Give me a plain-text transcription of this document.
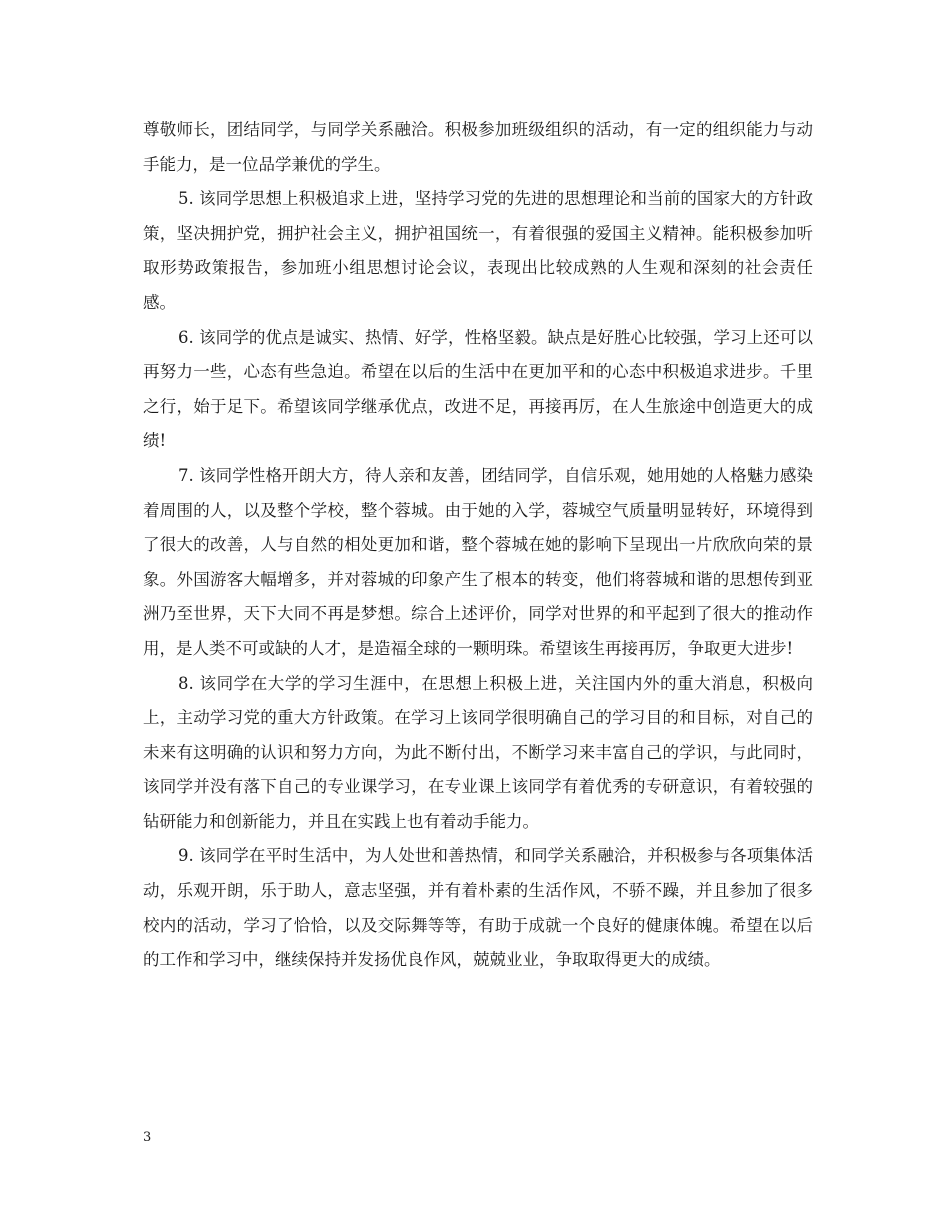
尊敬师长，团结同学，与同学关系融洽。积极参加班级组织的活动，有一定的组织能力与动手能力，是一位品学兼优的学生。

5. 该同学思想上积极追求上进，坚持学习党的先进的思想理论和当前的国家大的方针政策，坚决拥护党，拥护社会主义，拥护祖国统一，有着很强的爱国主义精神。能积极参加听取形势政策报告，参加班小组思想讨论会议，表现出比较成熟的人生观和深刻的社会责任感。

6. 该同学的优点是诚实、热情、好学，性格坚毅。缺点是好胜心比较强，学习上还可以再努力一些，心态有些急迫。希望在以后的生活中在更加平和的心态中积极追求进步。千里之行，始于足下。希望该同学继承优点，改进不足，再接再厉，在人生旅途中创造更大的成绩!

7. 该同学性格开朗大方，待人亲和友善，团结同学，自信乐观，她用她的人格魅力感染着周围的人，以及整个学校，整个蓉城。由于她的入学，蓉城空气质量明显转好，环境得到了很大的改善，人与自然的相处更加和谐，整个蓉城在她的影响下呈现出一片欣欣向荣的景象。外国游客大幅增多，并对蓉城的印象产生了根本的转变，他们将蓉城和谐的思想传到亚洲乃至世界，天下大同不再是梦想。综合上述评价，同学对世界的和平起到了很大的推动作用，是人类不可或缺的人才，是造福全球的一颗明珠。希望该生再接再厉，争取更大进步!

8. 该同学在大学的学习生涯中，在思想上积极上进，关注国内外的重大消息，积极向上，主动学习党的重大方针政策。在学习上该同学很明确自己的学习目的和目标，对自己的未来有这明确的认识和努力方向，为此不断付出，不断学习来丰富自己的学识，与此同时，该同学并没有落下自己的专业课学习，在专业课上该同学有着优秀的专研意识，有着较强的钻研能力和创新能力，并且在实践上也有着动手能力。

9. 该同学在平时生活中，为人处世和善热情，和同学关系融洽，并积极参与各项集体活动，乐观开朗，乐于助人，意志坚强，并有着朴素的生活作风，不骄不躁，并且参加了很多校内的活动，学习了恰恰，以及交际舞等等，有助于成就一个良好的健康体魄。希望在以后的工作和学习中，继续保持并发扬优良作风，兢兢业业，争取取得更大的成绩。

3
